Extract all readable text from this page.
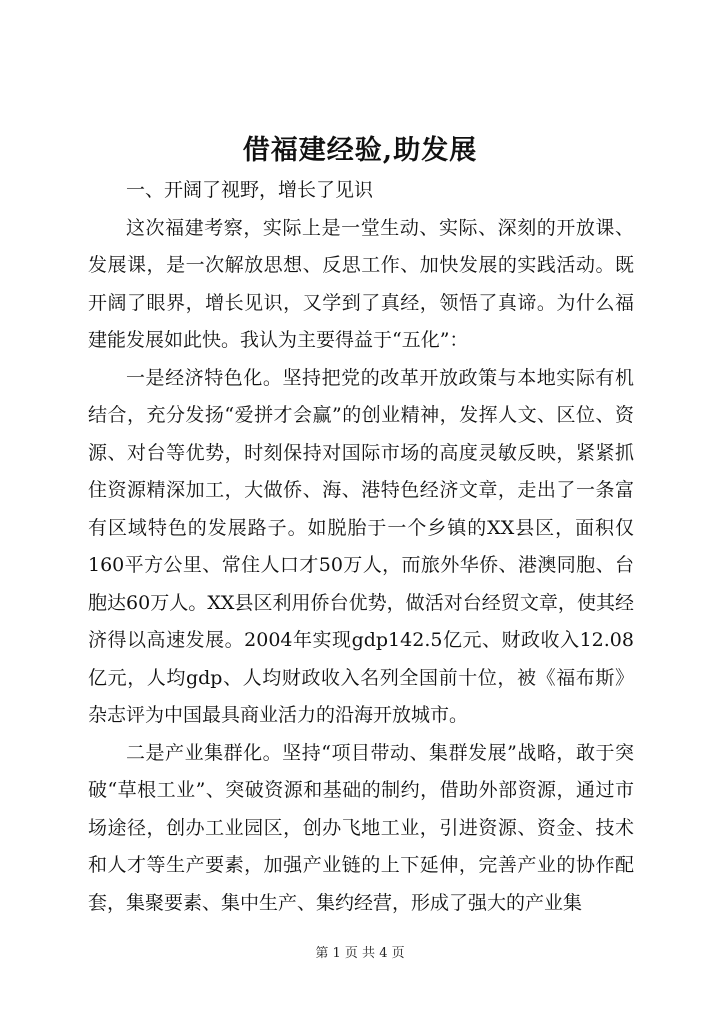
借福建经验,助发展

一、开阔了视野，增长了见识

这次福建考察，实际上是一堂生动、实际、深刻的开放课、发展课，是一次解放思想、反思工作、加快发展的实践活动。既开阔了眼界，增长见识，又学到了真经，领悟了真谛。为什么福建能发展如此快。我认为主要得益于“五化”：

一是经济特色化。坚持把党的改革开放政策与本地实际有机结合，充分发扬“爱拼才会赢”的创业精神，发挥人文、区位、资源、对台等优势，时刻保持对国际市场的高度灵敏反映，紧紧抓住资源精深加工，大做侨、海、港特色经济文章，走出了一条富有区域特色的发展路子。如脱胎于一个乡镇的XX县区，面积仅160平方公里、常住人口才50万人，而旅外华侨、港澳同胞、台胞达60万人。XX县区利用侨台优势，做活对台经贸文章，使其经济得以高速发展。2004年实现gdp142.5亿元、财政收入12.08亿元，人均gdp、人均财政收入名列全国前十位，被《福布斯》杂志评为中国最具商业活力的沿海开放城市。

二是产业集群化。坚持“项目带动、集群发展”战略，敢于突破“草根工业”、突破资源和基础的制约，借助外部资源，通过市场途径，创办工业园区，创办飞地工业，引进资源、资金、技术和人才等生产要素，加强产业链的上下延伸，完善产业的协作配套，集聚要素、集中生产、集约经营，形成了强大的产业集

第 1 页 共 4 页
